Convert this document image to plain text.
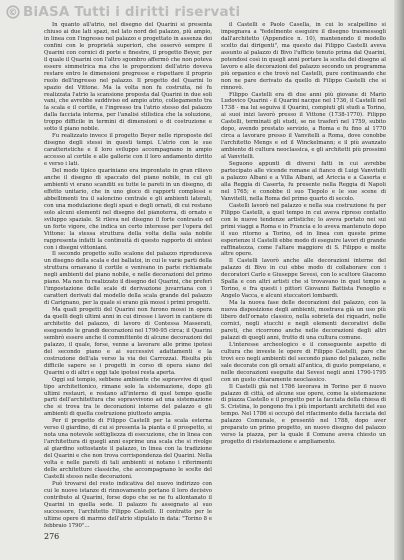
© BiASA Tutti i diritti riservati

In quanto all'atrio, nel disegno del Quarini si presenta chiuso ai due lati spazi, nel lato nord del palazzo, più ampio, in linea con l'ingresso nel palazzo e progettato in assenza dei confini con le proprietà superiori, che osservò sempre il Quarini con cornici di porte e finestre, il progetto Beyer, per il quale il Quarini con l'altro sgombro affermò che non poteva essere simmetrica ma che le proporzioni dell'atrio doveva restare entro le dimensioni pregresse e rispettare il proprio ruolo dell'ingresso nel palazzo. Il progetto del Quarini lo spazio del Vittone. Ma la volta non fu costruita, né fu realizzata l'atrio la scansione proposta dal Quarini in due soli vani, che avrebbe suddiviso ed ampio atrio, collegamento tra la scala e il cortile, e l'ingresso tra l'atrio stesso del palazzo dalla facciata interna, per l'analisi stilistica che la soluzione, troppo difficile in termini di dimensioni e di costruzione e sotto il piano nobile.

Fu realizzato invece il progetto Beyer nelle riproposte del disegno degli stessi in questi tempi. L'atrio con le sue caratteristiche e il loro sviluppo accompagnano in ampio accesso al cortile e alle gallerie con il loro andamento diritto e verso i lati.

Del modo tipico quariniano era improntato in gran rilievo anche il disegno di spaccato del piano nobile, in cui gli ambienti vi erano scanditi su tutte le pareti in un disegno, di effetto unitario, che in uno gioco di rapporti complessi e abbellimenti tra il saloncino centrale e gli ambienti laterali, con una modulazione degli spazi e degli ornati, di cui restano solo alcuni elementi nel disegno del pianoterra, di ornato e sviluppo spaziale. Si rileva nel disegno il forte contrasto ed un forte vigore, che indica un certo interesse per l'opera del Vittone: la stessa struttura della volta della sala nobile rappresenta infatti la continuità di questo rapporto di sintesi con i disegni vittoniani.

Il secondo progetto sullo scalone del palazzo riproduceva un disegno della scala e dei ballatoi, in cui le varie parti della struttura ornavano il cortile e venivano in parte richiamate negli ambienti del piano nobile, e nelle decorazioni del primo piano. Ma non fu realizzato il disegno del Quarini, che preferì l'impostazione delle scale di derivazione juvarriana con i caratteri derivati dal modello della scala grande del palazzo di Carignano, per la quale si erano già mossi i primi progetti.

Ma quali progetti del Quarini non furono mossi in opera da quelli degli ultimi anni in cui diresse i lavori in cantiere di architetto del palazzo, di lavoro di Contessa Masserati, eseguendo le grandi decorazioni nel 1790-95 circa; il Quarini sembrò essere anche il committente di alcune decorazioni del palazzo, il quale, forse, venne a lavorare alle prime ipotesi del secondo piano e ai successivi adattamenti e la costruzione dell'ala verso la via dei Carrozzai. Risulta più difficile sapere se i progetti in corso di opera siano del Quarini o di altri e oggi tale ipotesi resta aperta.

Oggi sul tempio, sebbene ambiente che sopravvive di quel tipo architettonico, rimane solo la sistemazione, dopo gli ultimi restauri, e restano all'interno di quel tempo quelle parti dell'architettura che sopravvivono ad una sistemazione che si trova tra le decorazioni interne del palazzo e gli ambienti di quella costruzione piuttosto ampia.

Per il progetto di Filippo Castelli per la scala esterna verso il giardino, di cui si presenta la pianta e il prospetto, si nota una notevole sottigliezza di esecuzione, che in linea con l'architettura di quegli anni esprime una scala che si rivolge al giardino sottostante il palazzo, in linea con la tradizione del Quarini e che non trova corrispondenza del Quarini. Nella volta e nelle pareti di tali ambienti si notano i riferimenti delle architetture classiche, che accompagnano le scelte del Castelli stesso nelle decorazioni.

Può trovarsi del resto indicativa del nuovo indirizzo con cui le nuove istanze di rinnovamento portano il loro decisivo contributo al Quarini, forse dopo che se ne fu allontanato il Quarini in quella sede. Il palazzo fu assegnato al suo successore, l'architetto Filippo Castelli. Il contratto per le ultime opere di marmo dell'atrio stipulato in data: "Torino 8 e febbraio 1790"...

il Castelli e Paolo Casella, in cui lo scalpellino si impegnava a "fedelmente eseguire il disegno trasmessogli dall'architetto (Appendice n. 10), mantenendo il modello scelto dai dirigenti", ma questo dai Filippo Castelli aveva assunto al palazzo di Bivo l'ufficio tenuto prima dal Quarini, potendosi così in quegli anni portare la scelta del disegno al lavoro e alle decorazioni del palazzo secondo un programma più organico e che trovò nel Castelli, pure continuando che non ne pare derivato da quello di Filippo Castelli che si rinnovò.

Filippo Castelli era di due anni più giovane di Mario Ludovico Quarini - il Quarini nacque nel 1736, il Castelli nel 1738 - ma lui seguiva il Quarini, compiuti gli studi a Torino, ai suoi inizi lavorò presso il Vittone (1738-1770). Filippo Castelli, terminati gli studi, se ne trasferì nel 1759, subito dopo, avendo prestato servizio, a Roma e fu fino al 1770 circa a lavorare presso il Vanvitelli a Roma, dove conobbe l'architetto Mengs e ed il Winckelmann; e il più avanzato ambiente di cultura neoclassica, e gli architetti più prossimi al Vanvitelli.

Seguono appunti di diversi fatti in cui avrebbe partecipato alle vicende romane al fianco di Luigi Vanvitelli a palazzo Albani e a Villa Albani, ad Ariccia e a Caserta e alla Reggia di Caserta, fu presente nella Reggia di Napoli nel 1765; e conobbe il suo Tiepolo e le sue scene di Vanvitelli, nella Roma del primo quarto di secolo.

Castelli lavorò nel palazzo e nella sua costruzione fu per Filippo Castelli, a quel tempo in cui aveva ripreso contatto con le nuove tendenze artistiche; lo aveva portato nei sui primi viaggi a Roma e in Francia e lo aveva mantenuto dopo il suo ritorno a Torino, ed in linea con queste prime esperienze il Castelli ebbe modo di eseguire lavori di grande raffinatezza, come l'altare maggiore di S. Filippo e molte altre opere.

Il Castelli lavorò anche alle decorazioni interne del palazzo di Bivo in cui ebbe modo di collaborare con i decoratori Carlo e Giuseppe Sevesi, con lo scultore Giacomo Spalla e con altri artisti che si trovavano in quel tempo a Torino, e fra questi i pittori Giovanni Battista Fenoglio e Angelo Vacca, e alcuni stuccatori lombardi.

Ma la nuova fase delle decorazioni del palazzo, con la nuova disposizione degli ambienti, mostrava già un uso più libero dell'ornato classico, nella sobrietà dei riquadri, nelle cornici, negli stucchi e negli elementi decorativi delle pareti, che ricorrono anche nelle decorazioni degli altri palazzi di quegli anni, frutto di una cultura comune.

L'interesse archeologico e il conseguente aspetto di cultura che investe le opere di Filippo Castelli, pare che trovi eco negli ambienti del secondo piano del palazzo, nelle sale decorate con gli ornati all'antica, di gusto pompeiano, e nelle decorazioni eseguite dai Sevesi negli anni 1790-1795 con un gusto chiaramente neoclassico.

Il Castelli già nel 1786 lavorava in Torino per il nuovo palazzo di città, ed alcune sue opere, come la sistemazione di piazza Castello e il progetto per la facciata della chiesa di S. Cristina, lo pongono fra i più importanti architetti del suo tempo. Nel 1786 si occupò del rifacimento della facciata del palazzo Comunale, e presentò nel 1788, dopo aver preparato un primo progetto, un nuovo disegno del palazzo verso la piazza, per la quale il Comune aveva chiesto un progetto di risistemazione e ampliamento.

276
